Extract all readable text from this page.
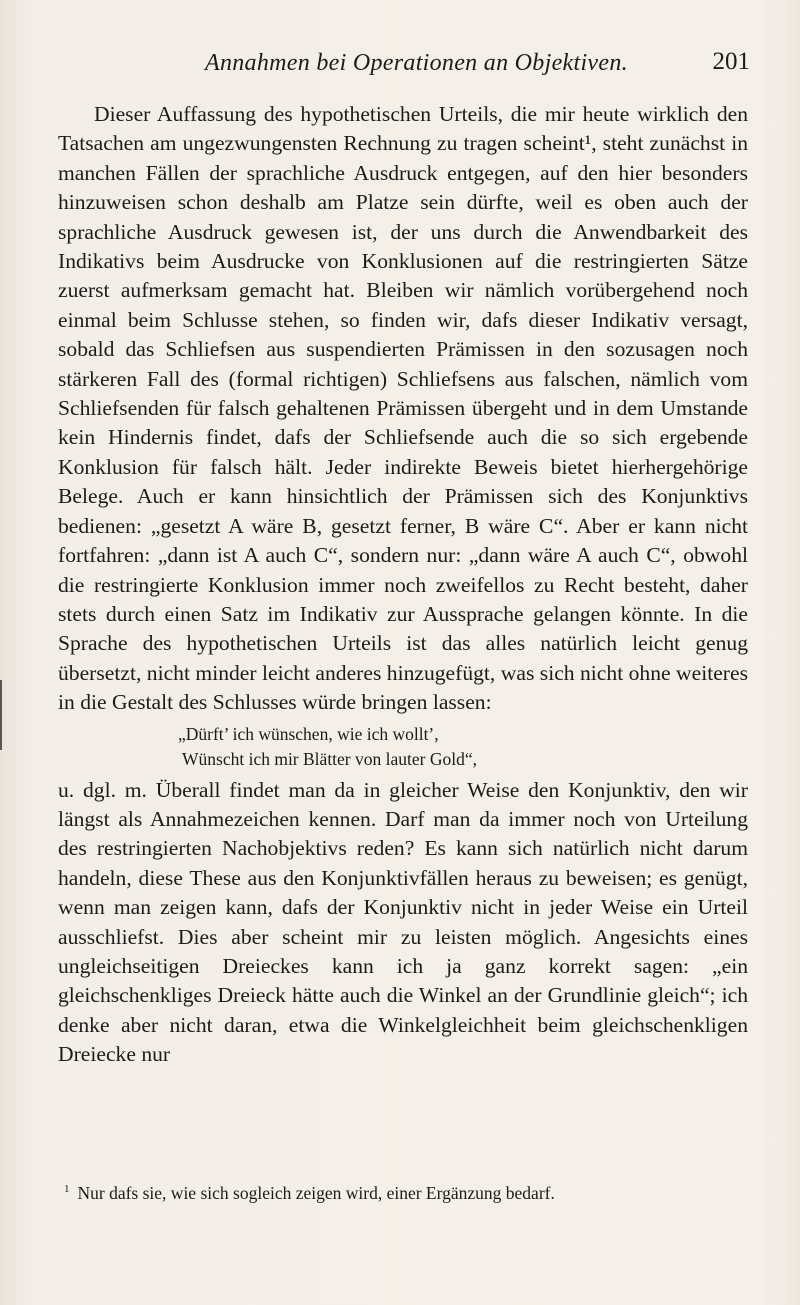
Annahmen bei Operationen an Objektiven.	201

Dieser Auffassung des hypothetischen Urteils, die mir heute wirklich den Tatsachen am ungezwungensten Rechnung zu tragen scheint¹, steht zunächst in manchen Fällen der sprachliche Ausdruck entgegen, auf den hier besonders hinzuweisen schon deshalb am Platze sein dürfte, weil es oben auch der sprachliche Ausdruck gewesen ist, der uns durch die Anwendbarkeit des Indikativs beim Ausdrucke von Konklusionen auf die restringierten Sätze zuerst aufmerksam gemacht hat. Bleiben wir nämlich vorübergehend noch einmal beim Schlusse stehen, so finden wir, dafs dieser Indikativ versagt, sobald das Schliefsen aus suspendierten Prämissen in den sozusagen noch stärkeren Fall des (formal richtigen) Schliefsens aus falschen, nämlich vom Schliefsenden für falsch gehaltenen Prämissen übergeht und in dem Umstande kein Hindernis findet, dafs der Schliefsende auch die so sich ergebende Konklusion für falsch hält. Jeder indirekte Beweis bietet hierhergehörige Belege. Auch er kann hinsichtlich der Prämissen sich des Konjunktivs bedienen: „gesetzt A wäre B, gesetzt ferner, B wäre C“. Aber er kann nicht fortfahren: „dann ist A auch C“, sondern nur: „dann wäre A auch C“, obwohl die restringierte Konklusion immer noch zweifellos zu Recht besteht, daher stets durch einen Satz im Indikativ zur Aussprache gelangen könnte. In die Sprache des hypothetischen Urteils ist das alles natürlich leicht genug übersetzt, nicht minder leicht anderes hinzugefügt, was sich nicht ohne weiteres in die Gestalt des Schlusses würde bringen lassen:

„Dürft’ ich wünschen, wie ich wollt’,
Wünscht ich mir Blätter von lauter Gold“,

u. dgl. m. Überall findet man da in gleicher Weise den Konjunktiv, den wir längst als Annahmezeichen kennen. Darf man da immer noch von Urteilung des restringierten Nachobjektivs reden? Es kann sich natürlich nicht darum handeln, diese These aus den Konjunktivfällen heraus zu beweisen; es genügt, wenn man zeigen kann, dafs der Konjunktiv nicht in jeder Weise ein Urteil ausschliefst. Dies aber scheint mir zu leisten möglich. Angesichts eines ungleichseitigen Dreieckes kann ich ja ganz korrekt sagen: „ein gleichschenkliges Dreieck hätte auch die Winkel an der Grundlinie gleich“; ich denke aber nicht daran, etwa die Winkelgleichheit beim gleichschenkligen Dreiecke nur

$^1$ Nur dafs sie, wie sich sogleich zeigen wird, einer Ergänzung bedarf.
